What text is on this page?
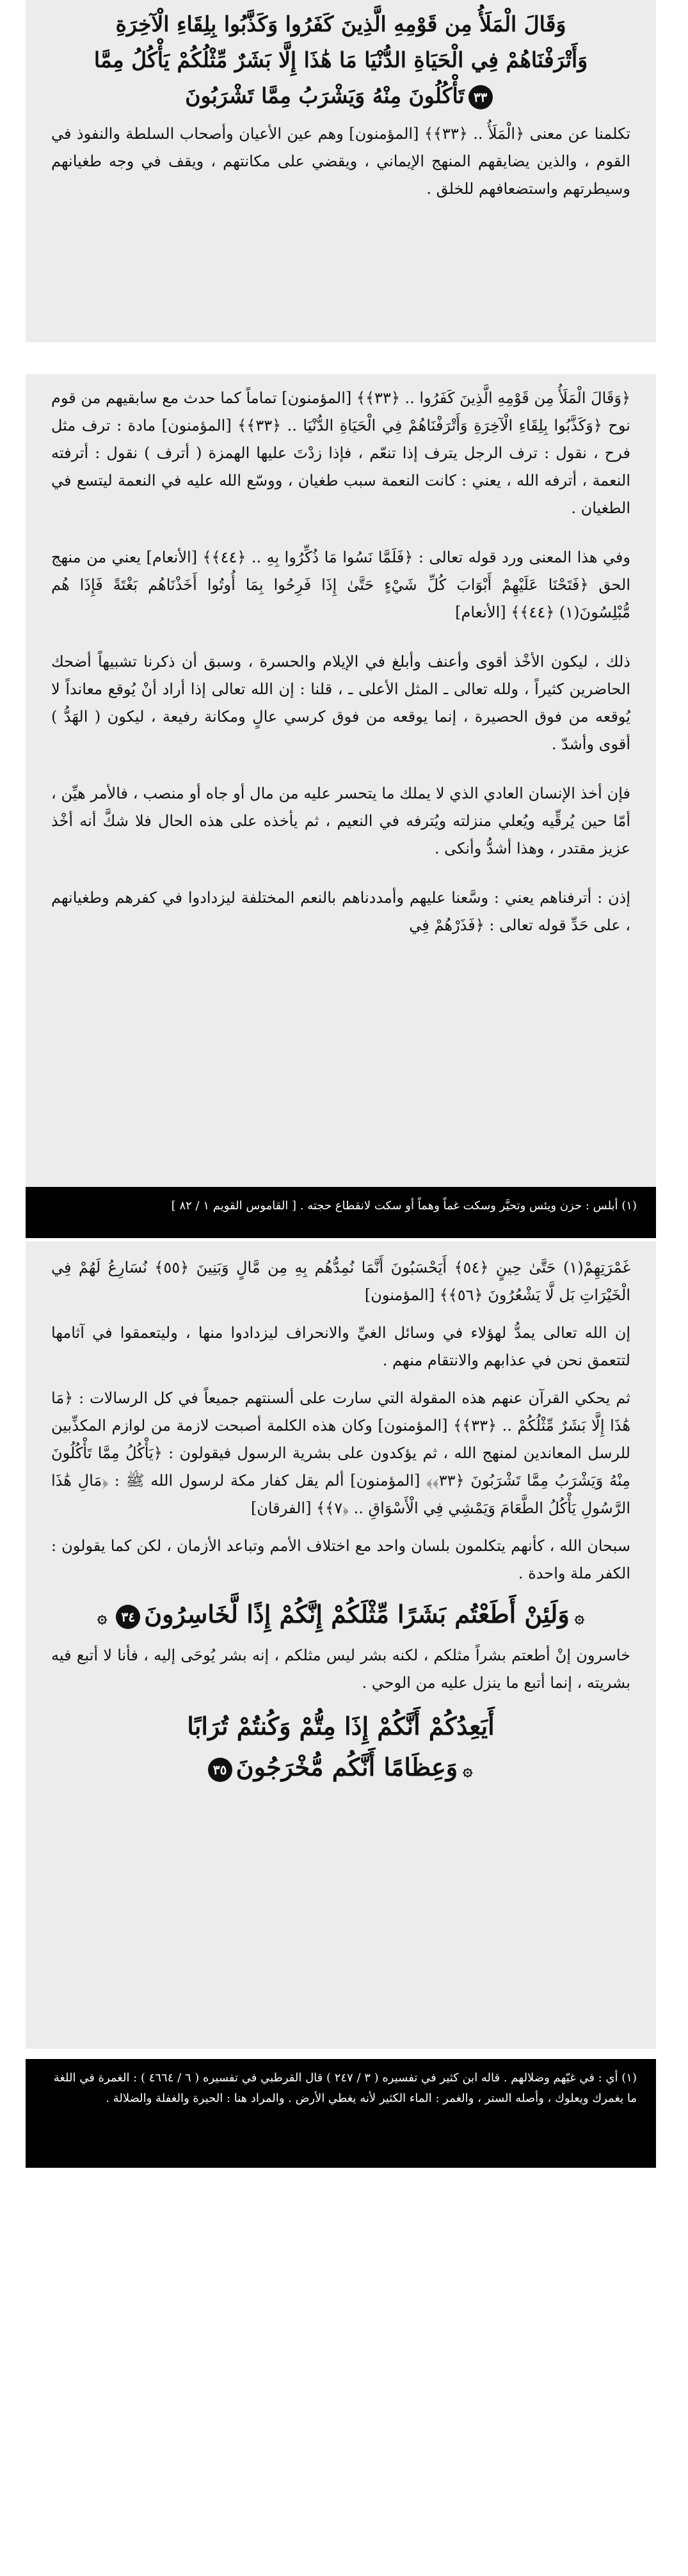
وَقَالَ الْمَلَأُ مِن قَوْمِهِ الَّذِينَ كَفَرُوا وَكَذَّبُوا بِلِقَاءِ الْآخِرَةِ
وَأَتْرَفْنَاهُمْ فِي الْحَيَاةِ الدُّنْيَا مَا هَٰذَا إِلَّا بَشَرٌ مِّثْلُكُمْ يَأْكُلُ مِمَّا
٣٣تَأْكُلُونَ مِنْهُ وَيَشْرَبُ مِمَّا تَشْرَبُونَ

تكلمنا عن معنى ﴿الْمَلَأُ .. ﴿٣٣﴾﴾ [المؤمنون] وهم عين الأعيان وأصحاب السلطة والنفوذ في القوم ، والذين يضايقهم المنهج الإيماني ، ويقضي على مكانتهم ، ويقف في وجه طغيانهم وسيطرتهم واستضعافهم للخلق .

﴿وَقَالَ الْمَلَأُ مِن قَوْمِهِ الَّذِينَ كَفَرُوا .. ﴿٣٣﴾﴾ [المؤمنون] تماماً كما حدث مع سابقيهم من قوم نوح ﴿وَكَذَّبُوا بِلِقَاءِ الْآخِرَةِ وَأَتْرَفْنَاهُمْ فِي الْحَيَاةِ الدُّنْيَا .. ﴿٣٣﴾﴾ [المؤمنون] مادة : ترف مثل فرح ، نقول : ترف الرجل يترف إذا تنعّم ، فإذا زدْتَ عليها الهمزة ( أترف ) نقول : أترفته النعمة ، أترفه الله ، يعني : كانت النعمة سبب طغيان ، ووسّع الله عليه في النعمة ليتسع في الطغيان .

وفي هذا المعنى ورد قوله تعالى : ﴿فَلَمَّا نَسُوا مَا ذُكِّرُوا بِهِ .. ﴿٤٤﴾﴾ [الأنعام] يعني من منهج الحق ﴿فَتَحْنَا عَلَيْهِمْ أَبْوَابَ كُلِّ شَيْءٍ حَتَّىٰ إِذَا فَرِحُوا بِمَا أُوتُوا أَخَذْنَاهُم بَغْتَةً فَإِذَا هُم مُّبْلِسُونَ(١) ﴿٤٤﴾﴾ [الأنعام]

ذلك ، ليكون الأخْذ أقوى وأعنف وأبلغ في الإيلام والحسرة ، وسبق أن ذكرنا تشبيهاً أضحك الحاضرين كثيراً ، ولله تعالى ـ المثل الأعلى ـ ، قلنا : إن الله تعالى إذا أراد أنْ يُوقع معانداً لا يُوقعه من فوق الحصيرة ، إنما يوقعه من فوق كرسي عالٍ ومكانة رفيعة ، ليكون ( الهَدُّ ) أقوى وأشدّ .

فإن أخذ الإنسان العادي الذي لا يملك ما يتحسر عليه من مال أو جاه أو منصب ، فالأمر هيِّن ، أمّا حين يُرقِّيه ويُعلي منزلته ويُترفه في النعيم ، ثم يأخذه على هذه الحال فلا شكَّ أنه أخْذ عزيز مقتدر ، وهذا أشدُّ وأنكى .

إذن : أترفناهم يعني : وسَّعنا عليهم وأمددناهم بالنعم المختلفة ليزدادوا في كفرهم وطغيانهم ، على حَدِّ قوله تعالى : ﴿فَذَرْهُمْ فِي

(١) أبلس : حزن ويئس وتحيَّر وسكت غماً وهماً أو سكت لانقطاع حجته . [ القاموس القويم ١ / ٨٢ ]

غَمْرَتِهِمْ(١) حَتَّىٰ حِينٍ ﴿٥٤﴾ أَيَحْسَبُونَ أَنَّمَا نُمِدُّهُم بِهِ مِن مَّالٍ وَبَنِينَ ﴿٥٥﴾ نُسَارِعُ لَهُمْ فِي الْخَيْرَاتِ بَل لَّا يَشْعُرُونَ ﴿٥٦﴾﴾ [المؤمنون]

إن الله تعالى يمدُّ لهؤلاء في وسائل الغيِّ والانحراف ليزدادوا منها ، وليتعمقوا في آثامها لتتعمق نحن في عذابهم والانتقام منهم .

ثم يحكي القرآن عنهم هذه المقولة التي سارت على ألسنتهم جميعاً في كل الرسالات : ﴿مَا هَٰذَا إِلَّا بَشَرٌ مِّثْلُكُمْ .. ﴿٣٣﴾﴾ [المؤمنون] وكان هذه الكلمة أصبحت لازمة من لوازم المكذِّبين للرسل المعاندين لمنهج الله ، ثم يؤكدون على بشرية الرسول فيقولون : ﴿يَأْكُلُ مِمَّا تَأْكُلُونَ مِنْهُ وَيَشْرَبُ مِمَّا تَشْرَبُونَ ﴿٣٣﴾﴾ [المؤمنون] ألم يقل كفار مكة لرسول الله ﷺ : ﴿مَالِ هَٰذَا الرَّسُولِ يَأْكُلُ الطَّعَامَ وَيَمْشِي فِي الْأَسْوَاقِ .. ﴿٧﴾﴾ [الفرقان]

سبحان الله ، كأنهم يتكلمون بلسان واحد مع اختلاف الأمم وتباعد الأزمان ، لكن كما يقولون : الكفر ملة واحدة .

۞وَلَئِنْ أَطَعْتُم بَشَرًا مِّثْلَكُمْ إِنَّكُمْ إِذًا لَّخَاسِرُونَ٣٤۞

خاسرون إنْ أطعتم بشراً مثلكم ، لكنه بشر ليس مثلكم ، إنه بشر يُوحَى إليه ، فأنا لا أتبع فيه بشريته ، إنما أتبع ما ينزل عليه من الوحي .

أَيَعِدُكُمْ أَنَّكُمْ إِذَا مِتُّمْ وَكُنتُمْ تُرَابًا
۞وَعِظَامًا أَنَّكُم مُّخْرَجُونَ٣٥
(١) أي : في غيّهم وضلالهم . قاله ابن كثير في تفسيره ( ٣ / ٢٤٧ ) قال القرطبي في تفسيره ( ٦ / ٤٦٦٤ ) : الغمرة في اللغة ما يغمرك ويعلوك ، وأصله الستر ، والغمر : الماء الكثير لأنه يغطي الأرض . والمراد هنا : الحيرة والغفلة والضلالة .
